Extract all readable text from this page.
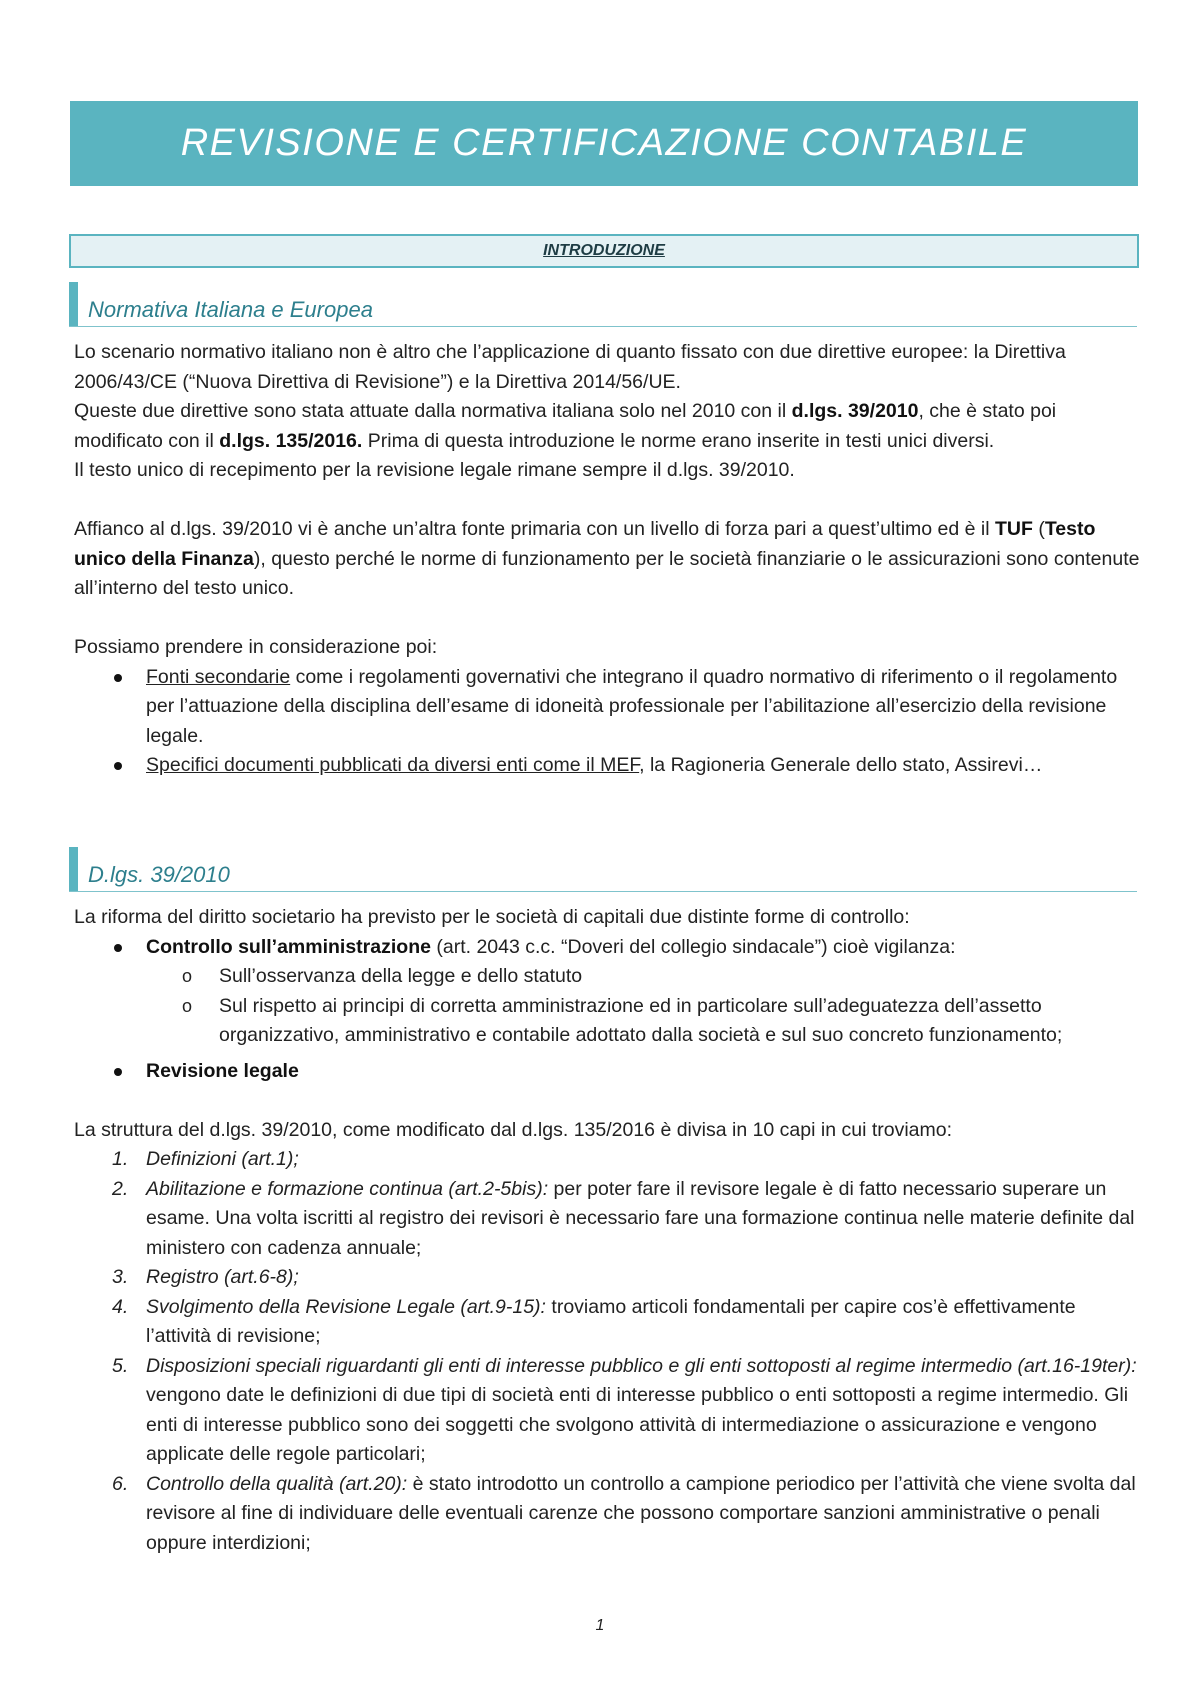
REVISIONE E CERTIFICAZIONE CONTABILE
INTRODUZIONE
Normativa Italiana e Europea

Lo scenario normativo italiano non è altro che l’applicazione di quanto fissato con due direttive europee: la Direttiva 2006/43/CE (“Nuova Direttiva di Revisione”) e la Direttiva 2014/56/UE.

Queste due direttive sono stata attuate dalla normativa italiana solo nel 2010 con il d.lgs. 39/2010, che è stato poi modificato con il d.lgs. 135/2016. Prima di questa introduzione le norme erano inserite in testi unici diversi.

Il testo unico di recepimento per la revisione legale rimane sempre il d.lgs. 39/2010.

Affianco al d.lgs. 39/2010 vi è anche un’altra fonte primaria con un livello di forza pari a quest’ultimo ed è il TUF (Testo unico della Finanza), questo perché le norme di funzionamento per le società finanziarie o le assicurazioni sono contenute all’interno del testo unico.

Possiamo prendere in considerazione poi:

Fonti secondarie come i regolamenti governativi che integrano il quadro normativo di riferimento o il regolamento per l’attuazione della disciplina dell’esame di idoneità professionale per l’abilitazione all’esercizio della revisione legale.
Specifici documenti pubblicati da diversi enti come il MEF, la Ragioneria Generale dello stato, Assirevi…
D.lgs. 39/2010

La riforma del diritto societario ha previsto per le società di capitali due distinte forme di controllo:

Controllo sull’amministrazione (art. 2043 c.c. “Doveri del collegio sindacale”) cioè vigilanza:
o Sull’osservanza della legge e dello statuto
o Sul rispetto ai principi di corretta amministrazione ed in particolare sull’adeguatezza dell’assetto organizzativo, amministrativo e contabile adottato dalla società e sul suo concreto funzionamento;
Revisione legale

La struttura del d.lgs. 39/2010, come modificato dal d.lgs. 135/2016 è divisa in 10 capi in cui troviamo:

1. Definizioni (art.1);
2. Abilitazione e formazione continua (art.2-5bis): per poter fare il revisore legale è di fatto necessario superare un esame. Una volta iscritti al registro dei revisori è necessario fare una formazione continua nelle materie definite dal ministero con cadenza annuale;
3. Registro (art.6-8);
4. Svolgimento della Revisione Legale (art.9-15): troviamo articoli fondamentali per capire cos’è effettivamente l’attività di revisione;
5. Disposizioni speciali riguardanti gli enti di interesse pubblico e gli enti sottoposti al regime intermedio (art.16-19ter): vengono date le definizioni di due tipi di società enti di interesse pubblico o enti sottoposti a regime intermedio. Gli enti di interesse pubblico sono dei soggetti che svolgono attività di intermediazione o assicurazione e vengono applicate delle regole particolari;
6. Controllo della qualità (art.20): è stato introdotto un controllo a campione periodico per l’attività che viene svolta dal revisore al fine di individuare delle eventuali carenze che possono comportare sanzioni amministrative o penali oppure interdizioni;
1
